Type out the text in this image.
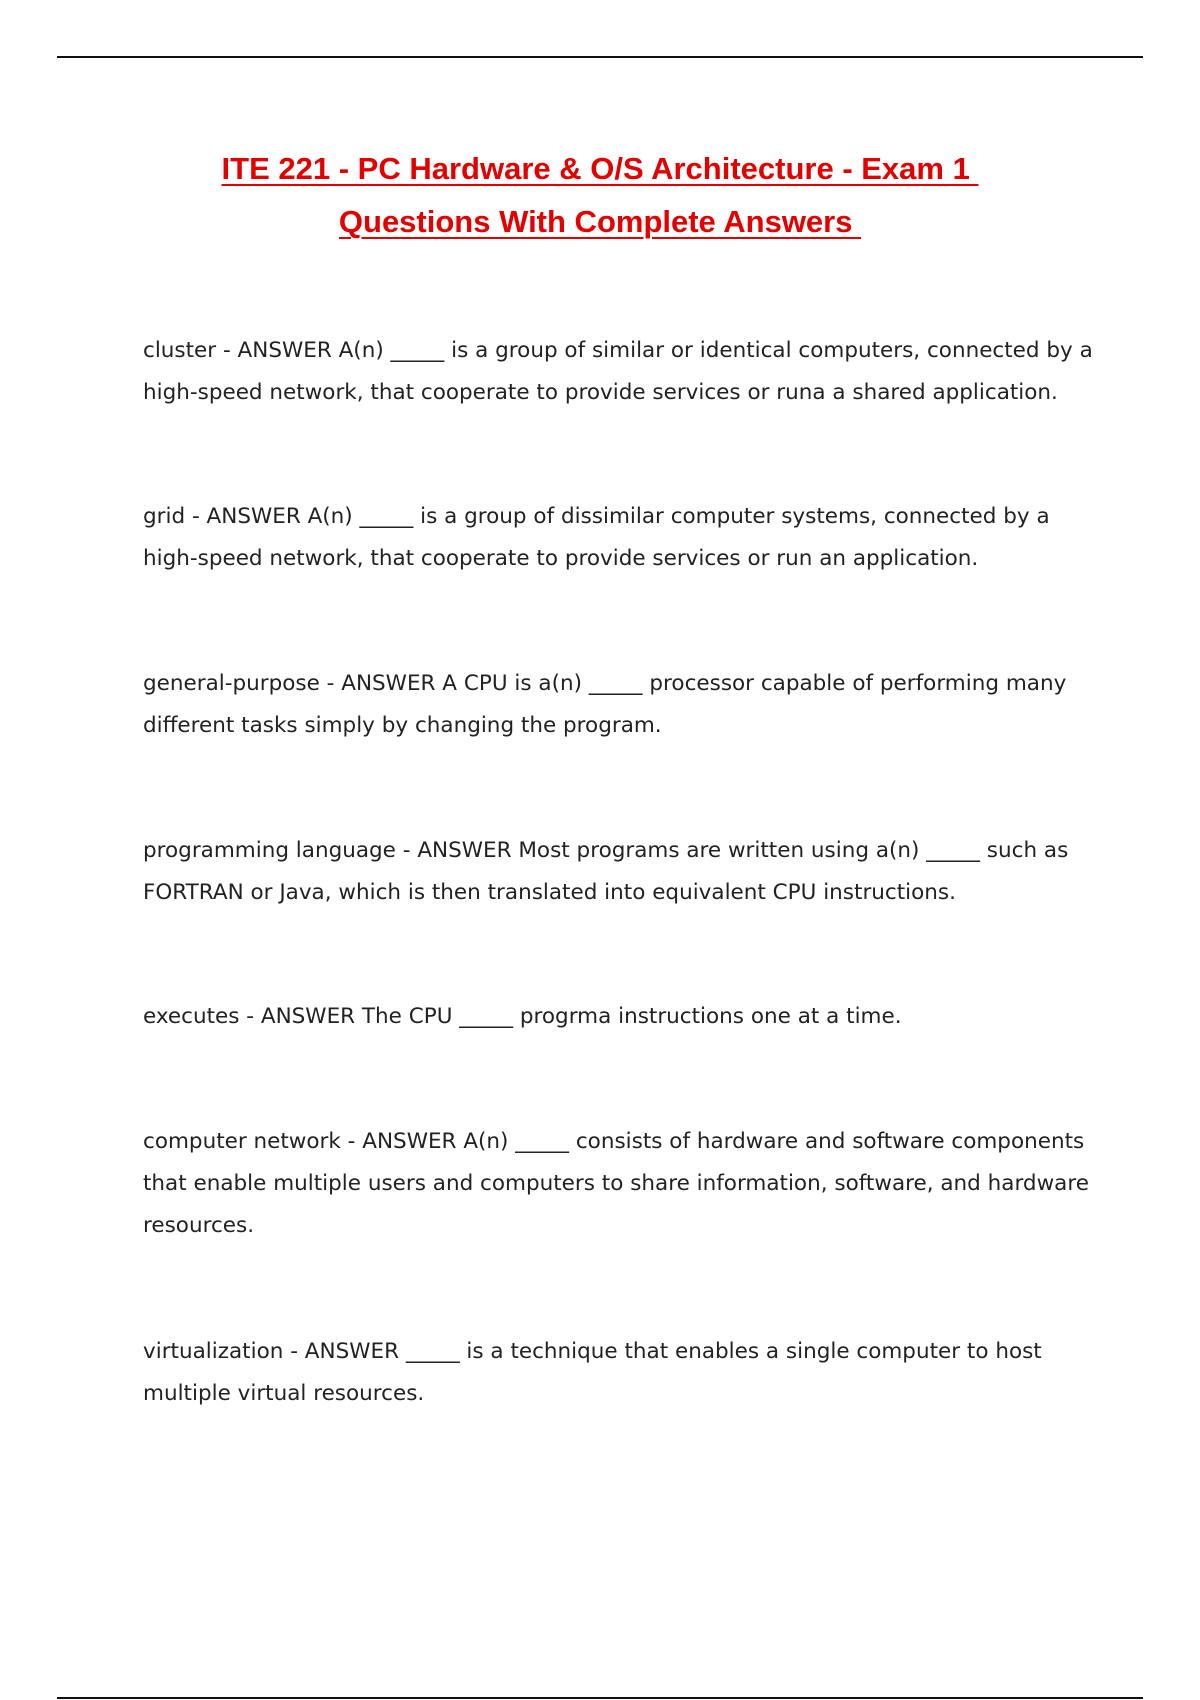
ITE 221 - PC Hardware & O/S Architecture - Exam 1
Questions With Complete Answers

cluster - ANSWER A(n) _____ is a group of similar or identical computers, connected by a high-speed network, that cooperate to provide services or runa a shared application.

grid - ANSWER A(n) _____ is a group of dissimilar computer systems, connected by a high-speed network, that cooperate to provide services or run an application.

general-purpose - ANSWER A CPU is a(n) _____ processor capable of performing many different tasks simply by changing the program.

programming language - ANSWER Most programs are written using a(n) _____ such as FORTRAN or Java, which is then translated into equivalent CPU instructions.

executes - ANSWER The CPU _____ progrma instructions one at a time.

computer network - ANSWER A(n) _____ consists of hardware and software components that enable multiple users and computers to share information, software, and hardware resources.

virtualization - ANSWER _____ is a technique that enables a single computer to host multiple virtual resources.
